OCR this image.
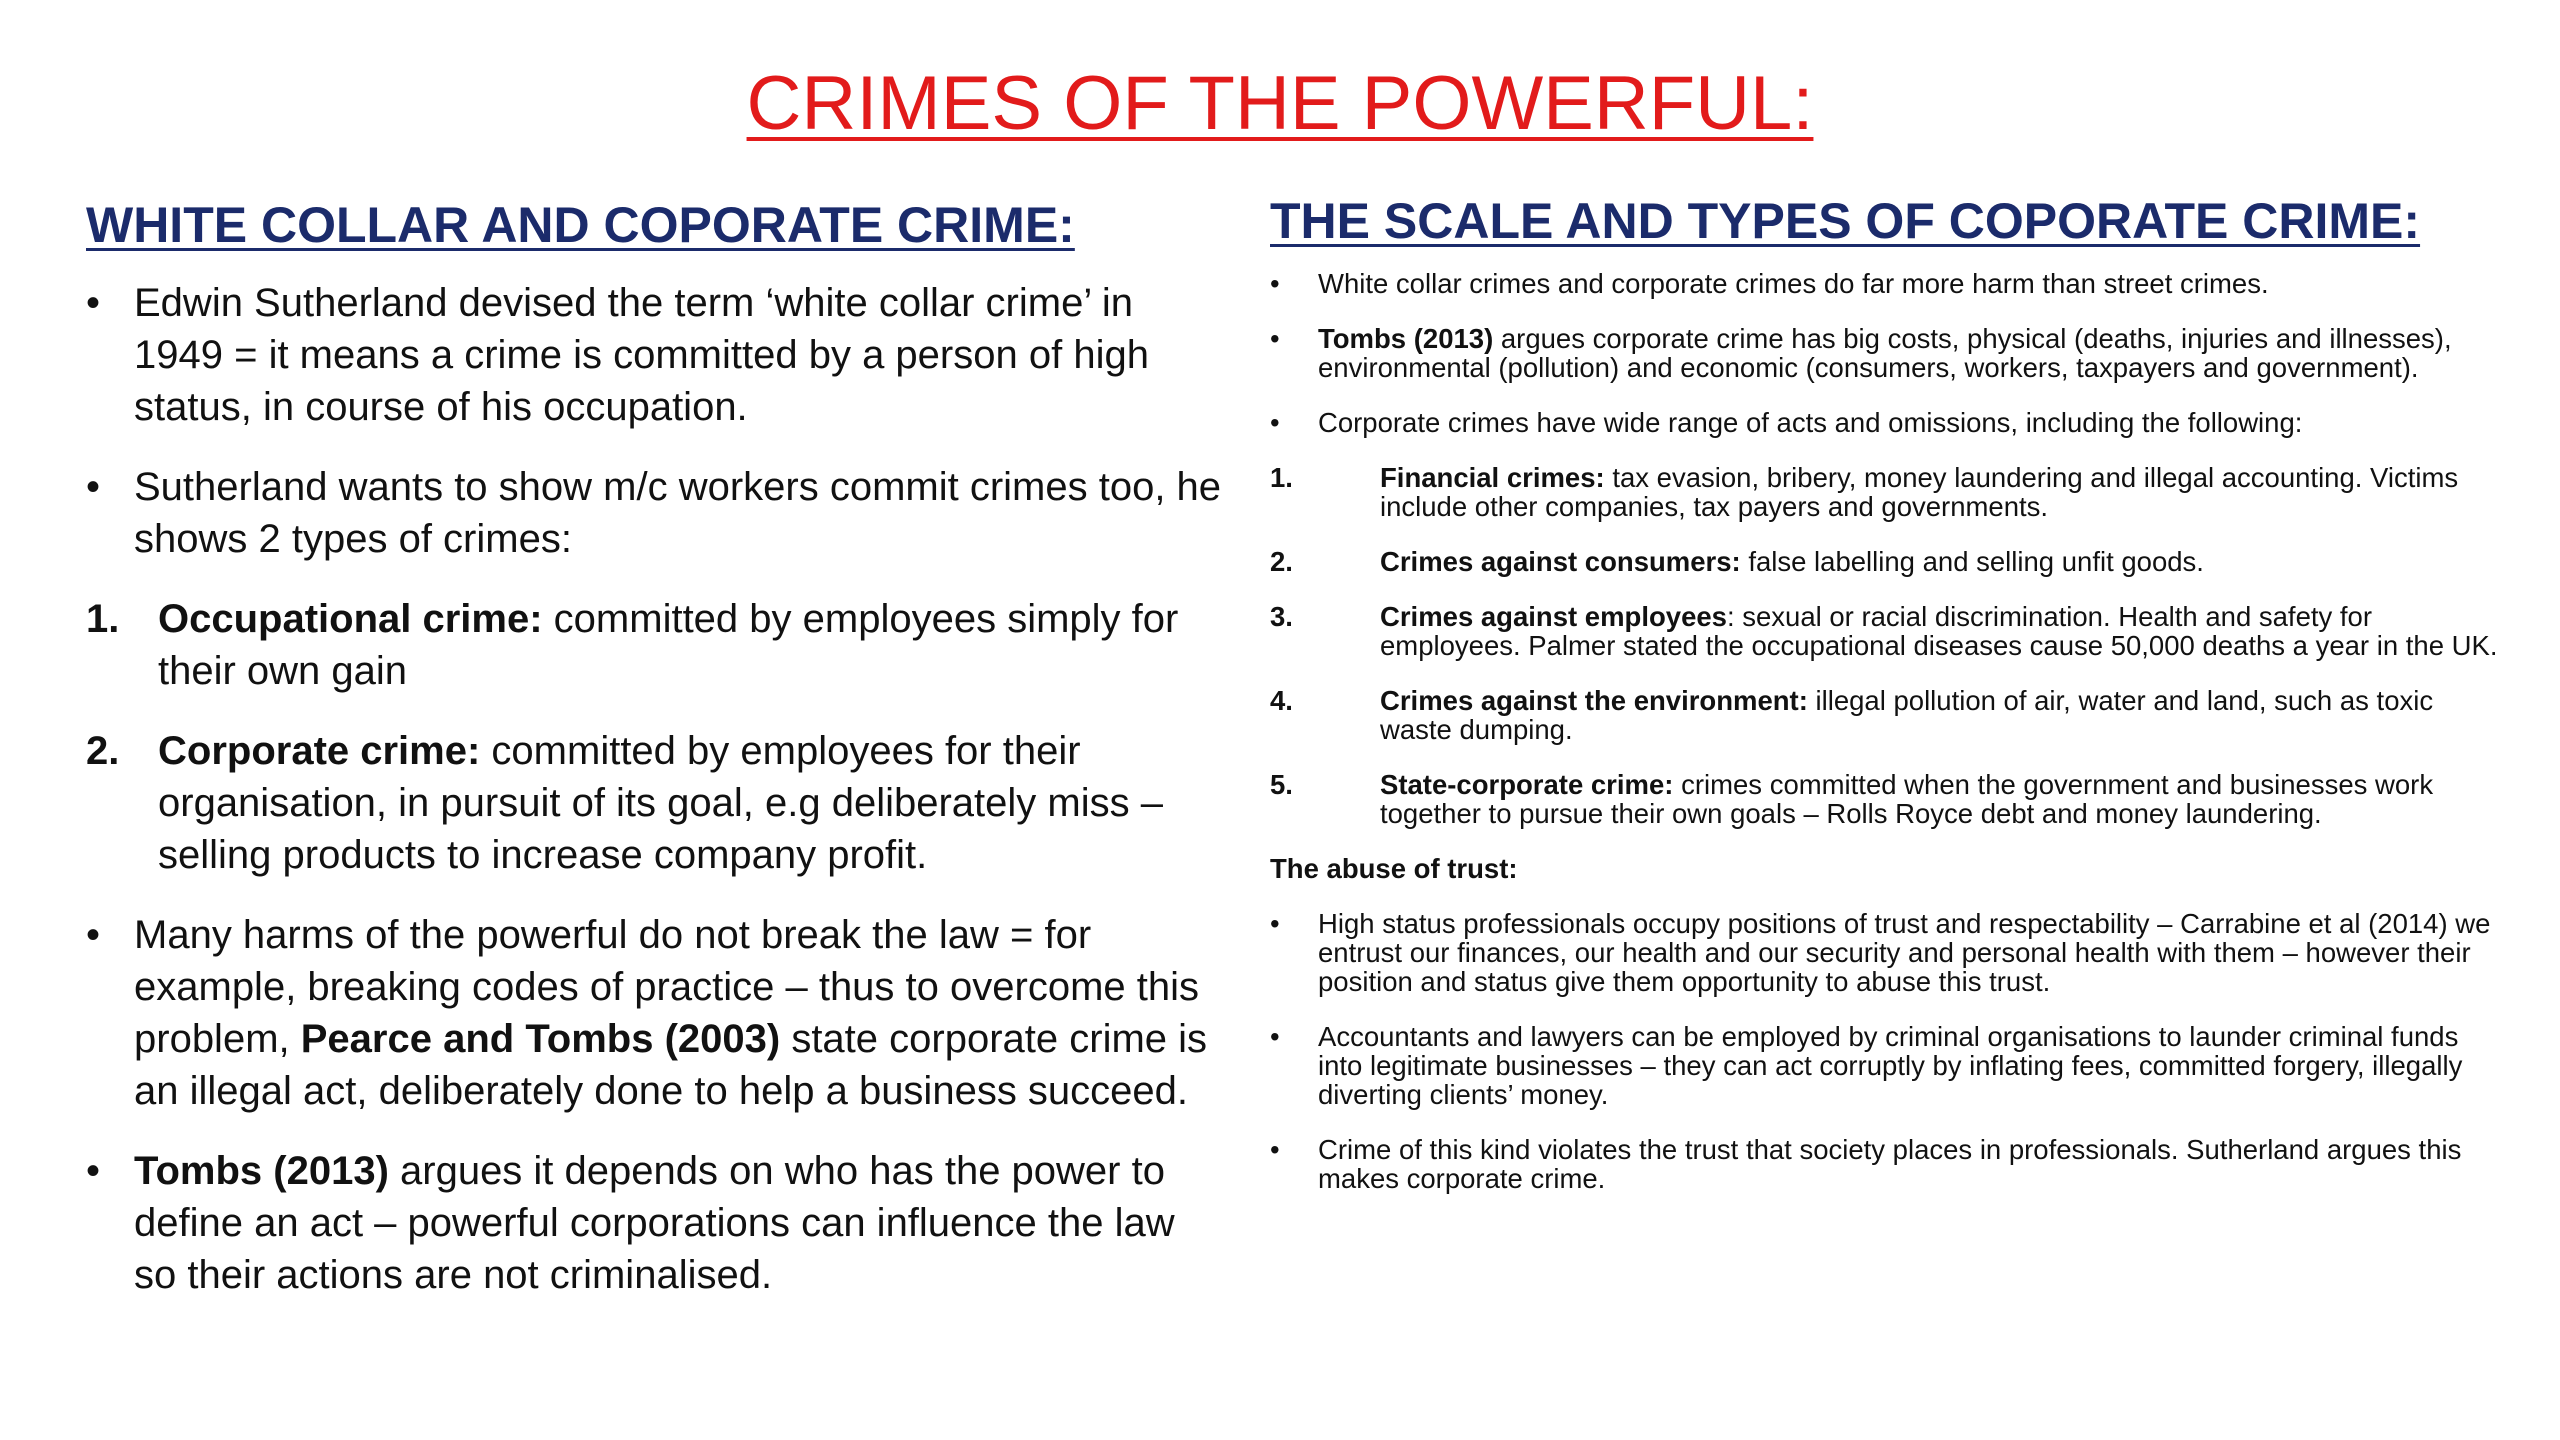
CRIMES OF THE POWERFUL:
WHITE COLLAR AND COPORATE CRIME:
• Edwin Sutherland devised the term ‘white collar crime’ in 1949 = it means a crime is committed by a person of high status, in course of his occupation.
• Sutherland wants to show m/c workers commit crimes too, he shows 2 types of crimes:
1. Occupational crime: committed by employees simply for their own gain
2. Corporate crime: committed by employees for their organisation, in pursuit of its goal, e.g deliberately miss – selling products to increase company profit.
• Many harms of the powerful do not break the law = for example, breaking codes of practice – thus to overcome this problem, Pearce and Tombs (2003) state corporate crime is an illegal act, deliberately done to help a business succeed.
• Tombs (2013) argues it depends on who has the power to define an act – powerful corporations can influence the law so their actions are not criminalised.
THE SCALE AND TYPES OF COPORATE CRIME:
•	White collar crimes and corporate crimes do far more harm than street crimes.
•	Tombs (2013) argues corporate crime has big costs, physical (deaths, injuries and illnesses), environmental (pollution) and economic (consumers, workers, taxpayers and government).
•	Corporate crimes have wide range of acts and omissions, including the following:
1.	Financial crimes: tax evasion, bribery, money laundering and illegal accounting. Victims include other companies, tax payers and governments.
2.	Crimes against consumers: false labelling and selling unfit goods.
3.	Crimes against employees: sexual or racial discrimination. Health and safety for employees. Palmer stated the occupational diseases cause 50,000 deaths a year in the UK.
4.	Crimes against the environment: illegal pollution of air, water and land, such as toxic waste dumping.
5.	State-corporate crime: crimes committed when the government and businesses work together to pursue their own goals – Rolls Royce debt and money laundering.
The abuse of trust:
•	High status professionals occupy positions of trust and respectability – Carrabine et al (2014) we entrust our finances, our health and our security and personal health with them – however their position and status give them opportunity to abuse this trust.
•	Accountants and lawyers can be employed by criminal organisations to launder criminal funds into legitimate businesses – they can act corruptly by inflating fees, committed forgery, illegally diverting clients’ money.
•	Crime of this kind violates the trust that society places in professionals. Sutherland argues this makes corporate crime.
